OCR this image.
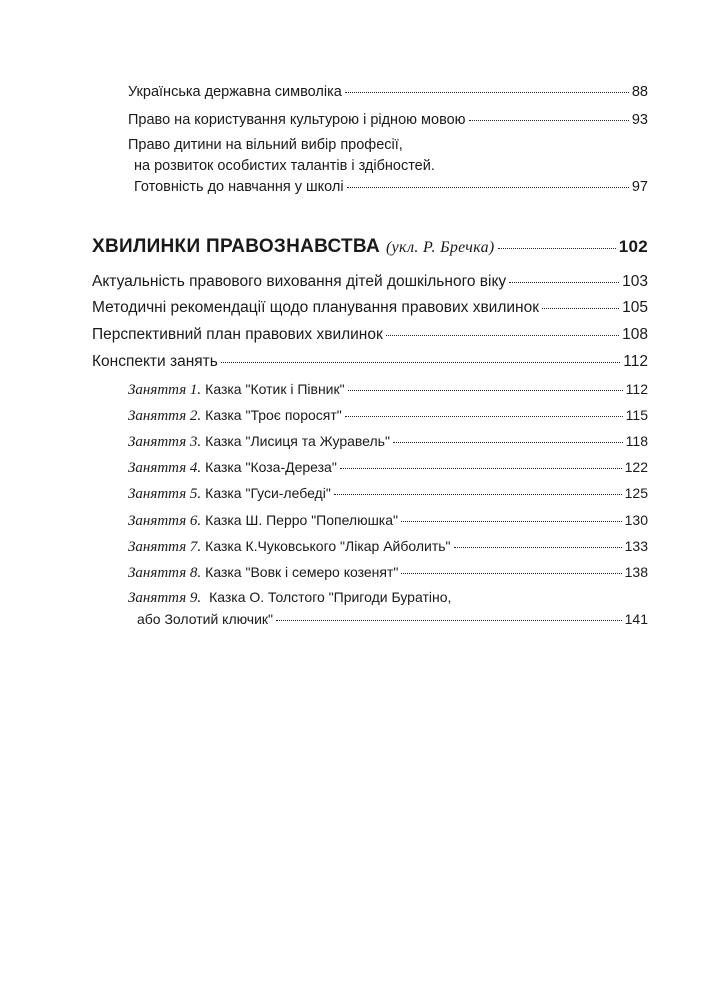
Українська державна символіка	88
Право на користування культурою і рідною мовою	93
Право дитини на вільний вибір професії,
на розвиток особистих талантів і здібностей.
Готовність до навчання у школі	97
ХВИЛИНКИ ПРАВОЗНАВСТВА (укл. Р. Бречка)	102
Актуальність правового виховання дітей дошкільного віку	103
Методичні рекомендації щодо планування правових хвилинок	105
Перспективний план правових хвилинок	108
Конспекти занять	112
Заняття 1. Казка "Котик і Півник"	112
Заняття 2. Казка "Троє поросят"	115
Заняття 3. Казка "Лисиця та Журавель"	118
Заняття 4. Казка "Коза-Дереза"	122
Заняття 5. Казка "Гуси-лебеді"	125
Заняття 6. Казка Ш. Перро "Попелюшка"	130
Заняття 7. Казка К.Чуковського "Лікар Айболить"	133
Заняття 8. Казка "Вовк і семеро козенят"	138
Заняття 9. Казка О. Толстого "Пригоди Буратіно,
або Золотий ключик"	141
